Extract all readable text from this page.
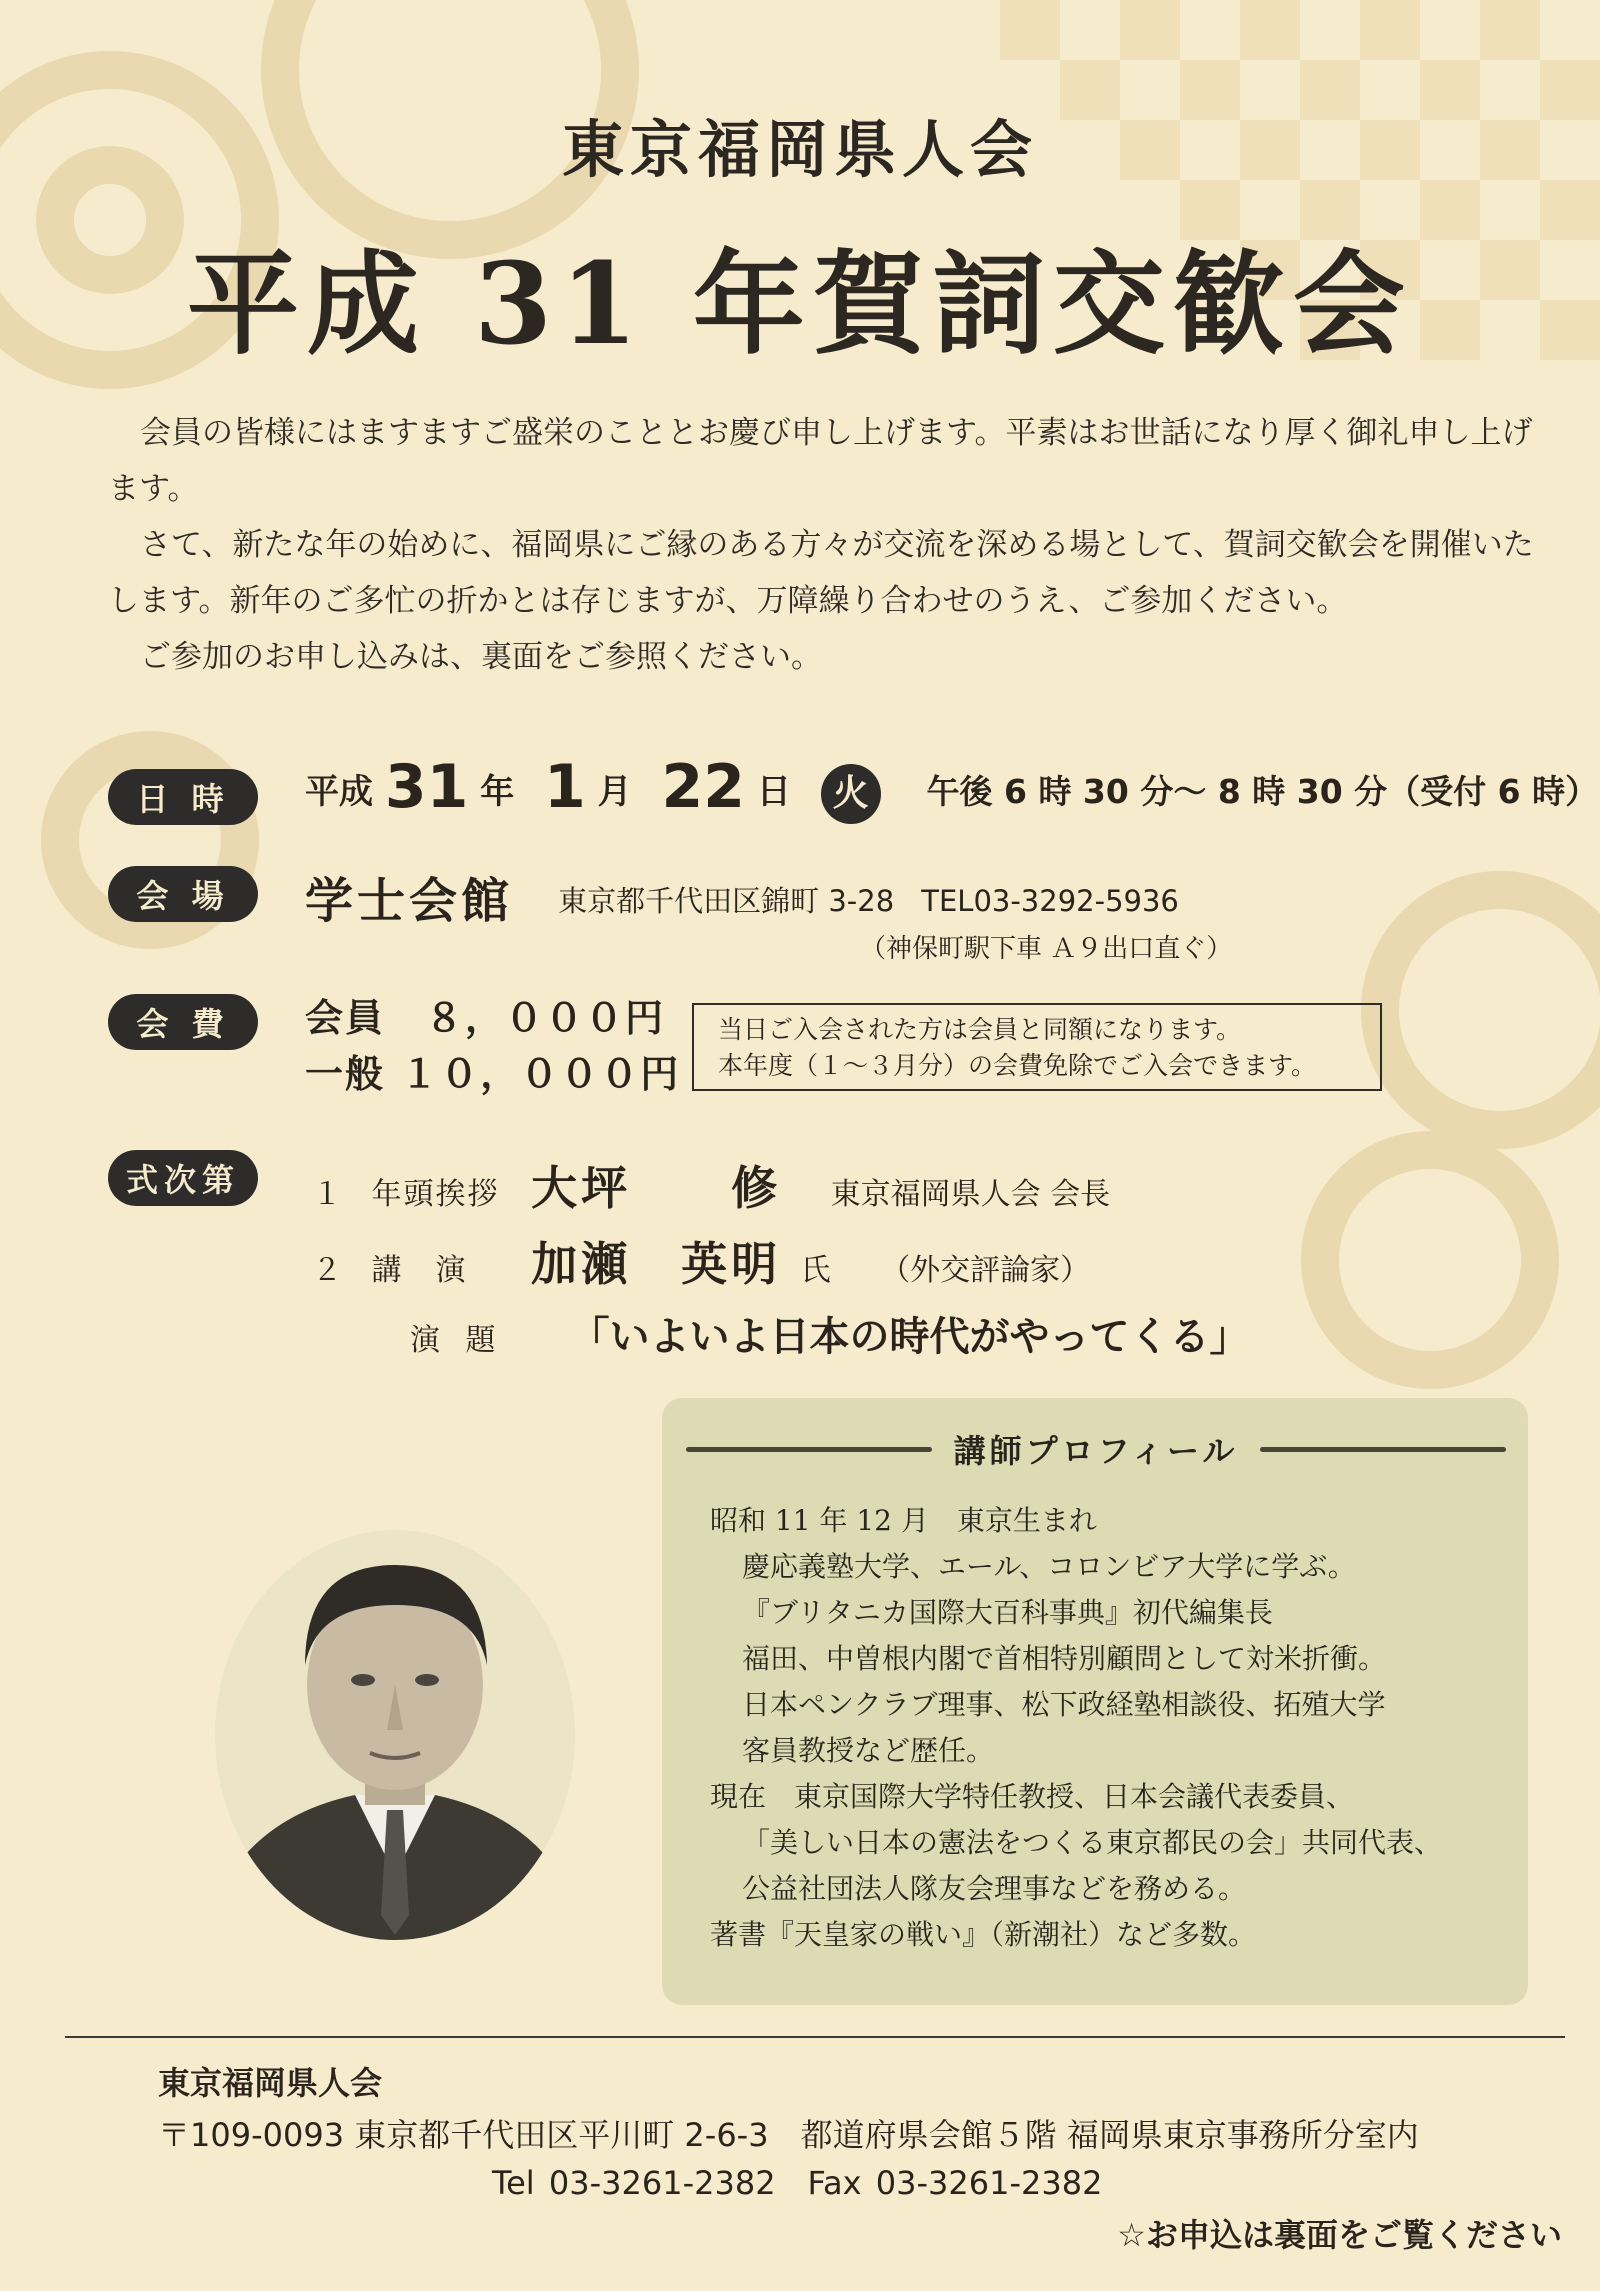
東京福岡県人会
平成 31 年賀詞交歓会

会員の皆様にはますますご盛栄のこととお慶び申し上げます。平素はお世話になり厚く御礼申し上げます。

さて、新たな年の始めに、福岡県にご縁のある方々が交流を深める場として、賀詞交歓会を開催いたします。新年のご多忙の折かとは存じますが、万障繰り合わせのうえ、ご参加ください。

ご参加のお申し込みは、裏面をご参照ください。

日 時	平成 31 年 1 月 22 日 火 午後 6 時 30 分〜 8 時 30 分（受付 6 時）
会 場	学士会館 東京都千代田区錦町 3-28 TEL03-3292-5936
（神保町駅下車 Ａ９出口直ぐ）
会 費	会員　８，０００円
一般 １０，０００円
当日ご入会された方は会員と同額になります。
本年度（１〜３月分）の会費免除でご入会できます。
式次第	１ 年頭挨拶 大坪　　修 東京福岡県人会 会長
２ 講　演 加瀬　英明 氏 （外交評論家）
演 題 「いよいよ日本の時代がやってくる」
講師プロフィール
昭和 11 年 12 月　東京生まれ
慶応義塾大学、エール、コロンビア大学に学ぶ。
『ブリタニカ国際大百科事典』初代編集長
福田、中曽根内閣で首相特別顧問として対米折衝。
日本ペンクラブ理事、松下政経塾相談役、拓殖大学
客員教授など歴任。
現在　東京国際大学特任教授、日本会議代表委員、
「美しい日本の憲法をつくる東京都民の会」共同代表、
公益社団法人隊友会理事などを務める。
著書『天皇家の戦い』（新潮社）など多数。
東京福岡県人会
〒109-0093 東京都千代田区平川町 2-6-3　都道府県会館５階 福岡県東京事務所分室内
Tel 03-3261-2382　Fax 03-3261-2382
☆お申込は裏面をご覧ください
